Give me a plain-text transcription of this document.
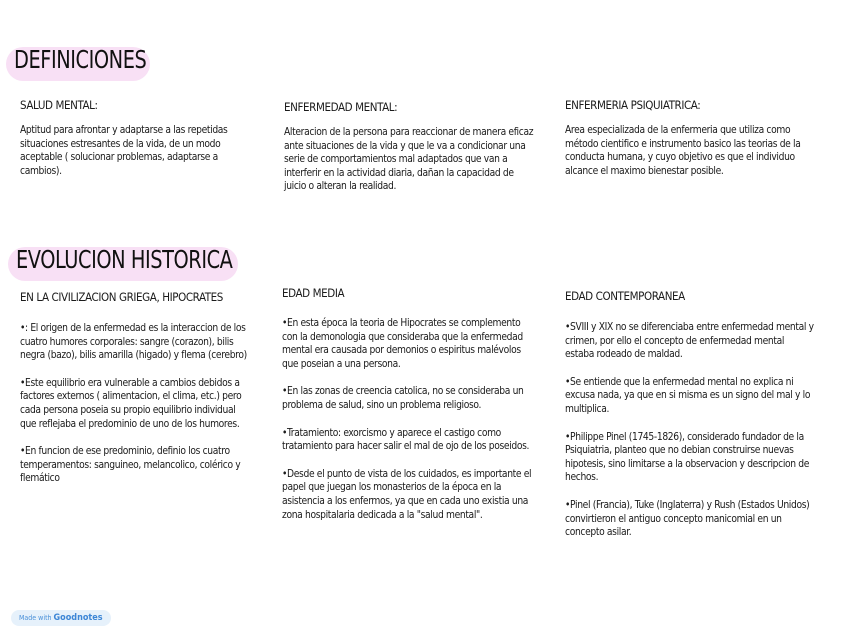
DEFINICIONES
EVOLUCION HISTORICA
SALUD MENTAL:

Aptitud para afrontar y adaptarse a las repetidas situaciones estresantes de la vida, de un modo aceptable ( solucionar problemas, adaptarse a cambios).

ENFERMEDAD MENTAL:

Alteracion de la persona para reaccionar de manera eficaz ante situaciones de la vida y que le va a condicionar una serie de comportamientos mal adaptados que van a interferir en la actividad diaria, dañan la capacidad de juicio o alteran la realidad.

ENFERMERIA PSIQUIATRICA:

Area especializada de la enfermeria que utiliza como método cientifico e instrumento basico las teorias de la conducta humana, y cuyo objetivo es que el individuo alcance el maximo bienestar posible.

EN LA CIVILIZACION GRIEGA, HIPOCRATES

•: El origen de la enfermedad es la interaccion de los cuatro humores corporales: sangre (corazon), bilis negra (bazo), bilis amarilla (higado) y flema (cerebro)

•Este equilibrio era vulnerable a cambios debidos a factores externos ( alimentacion, el clima, etc.) pero cada persona poseia su propio equilibrio individual que reflejaba el predominio de uno de los humores.

•En funcion de ese predominio, definio los cuatro temperamentos: sanguineo, melancolico, colérico y flemático

EDAD MEDIA

•En esta época la teoria de Hipocrates se complemento con la demonologia que consideraba que la enfermedad mental era causada por demonios o espiritus malévolos que poseian a una persona.

•En las zonas de creencia catolica, no se consideraba un problema de salud, sino un problema religioso.

•Tratamiento: exorcismo y aparece el castigo como tratamiento para hacer salir el mal de ojo de los poseidos.

•Desde el punto de vista de los cuidados, es importante el papel que juegan los monasterios de la época en la asistencia a los enfermos, ya que en cada uno existia una zona hospitalaria dedicada a la "salud mental".

EDAD CONTEMPORANEA

•SVIII y XIX no se diferenciaba entre enfermedad mental y crimen, por ello el concepto de enfermedad mental estaba rodeado de maldad.

•Se entiende que la enfermedad mental no explica ni excusa nada, ya que en si misma es un signo del mal y lo multiplica.

•Philippe Pinel (1745-1826), considerado fundador de la Psiquiatria, planteo que no debian construirse nuevas hipotesis, sino limitarse a la observacion y descripcion de hechos.

•Pinel (Francia), Tuke (Inglaterra) y Rush (Estados Unidos) convirtieron el antiguo concepto manicomial en un concepto asilar.

Made with Goodnotes
